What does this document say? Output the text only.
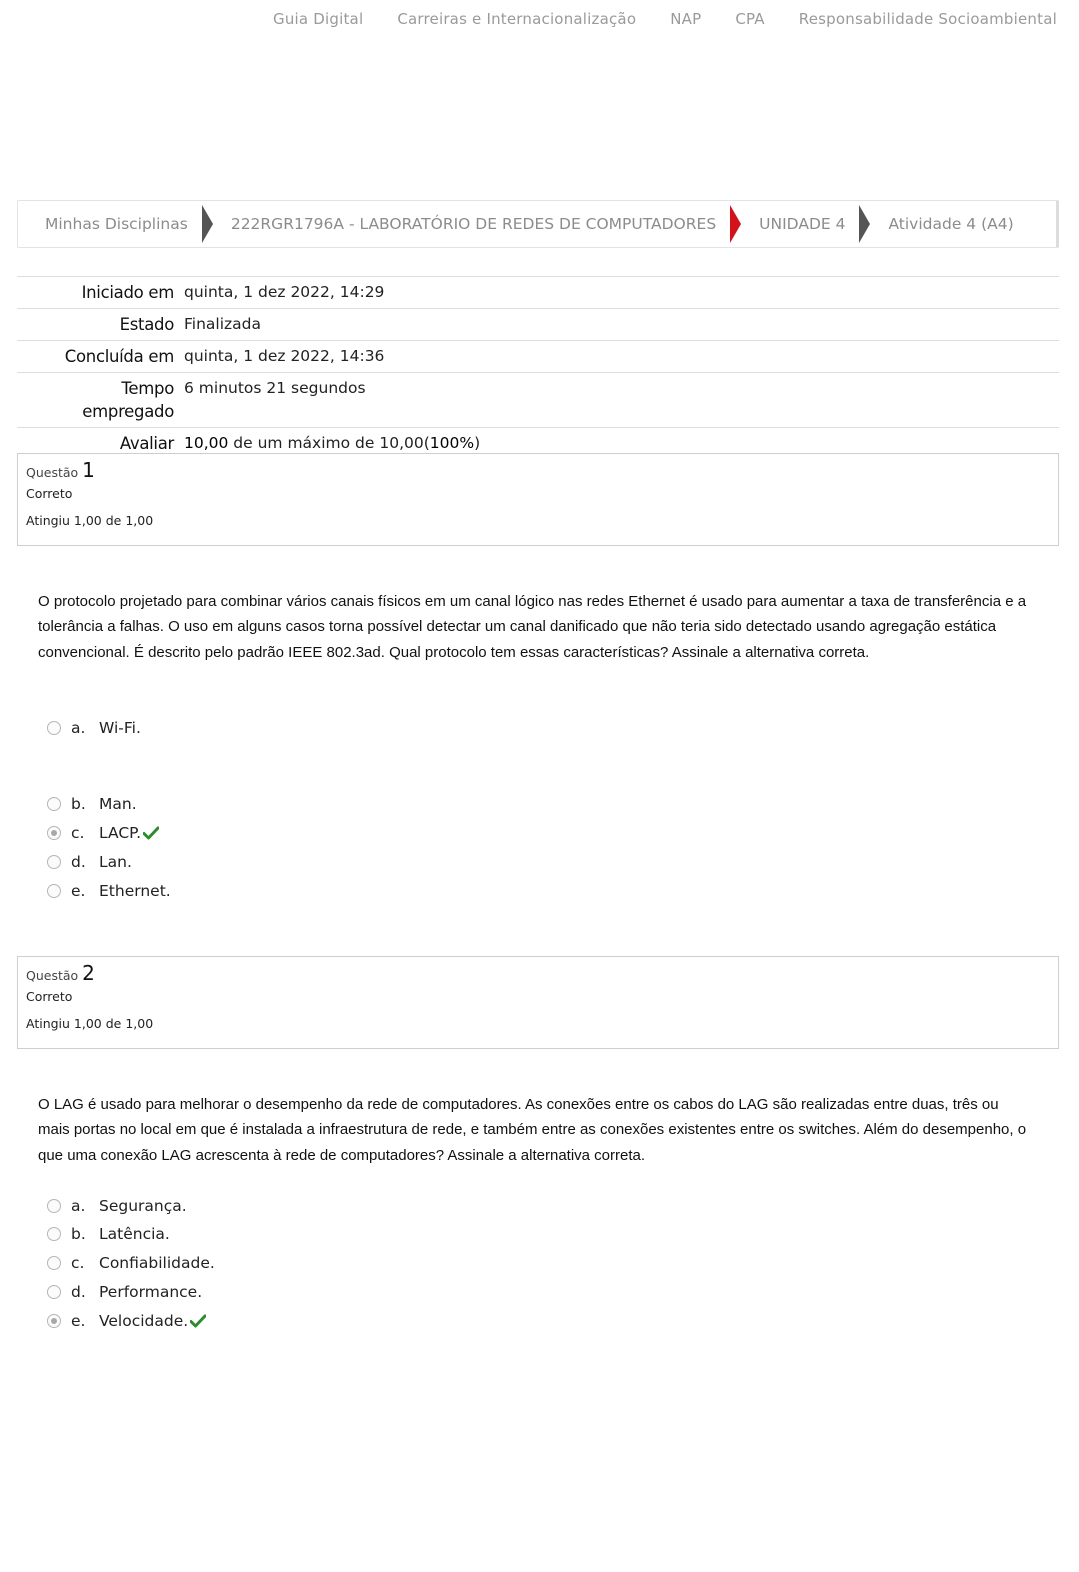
Guia Digital Carreiras e Internacionalização NAP CPA Responsabilidade Socioambiental
Minhas Disciplinas	222RGR1796A - LABORATÓRIO DE REDES DE COMPUTADORES	UNIDADE 4	Atividade 4 (A4)
Iniciado em	quinta, 1 dez 2022, 14:29
Estado	Finalizada
Concluída em	quinta, 1 dez 2022, 14:36
Tempo empregado	6 minutos 21 segundos
Avaliar	10,00 de um máximo de 10,00(100%)
Questão 1
Correto
Atingiu 1,00 de 1,00
O protocolo projetado para combinar vários canais físicos em um canal lógico nas redes Ethernet é usado para aumentar a taxa de transferência e a tolerância a falhas. O uso em alguns casos torna possível detectar um canal danificado que não teria sido detectado usando agregação estática convencional. É descrito pelo padrão IEEE 802.3ad. Qual protocolo tem essas características? Assinale a alternativa correta.
a. Wi-Fi.
b. Man.
c. LACP.
d. Lan.
e. Ethernet.
Questão 2
Correto
Atingiu 1,00 de 1,00
O LAG é usado para melhorar o desempenho da rede de computadores. As conexões entre os cabos do LAG são realizadas entre duas, três ou mais portas no local em que é instalada a infraestrutura de rede, e também entre as conexões existentes entre os switches. Além do desempenho, o que uma conexão LAG acrescenta à rede de computadores? Assinale a alternativa correta.
a. Segurança.
b. Latência.
c. Confiabilidade.
d. Performance.
e. Velocidade.
